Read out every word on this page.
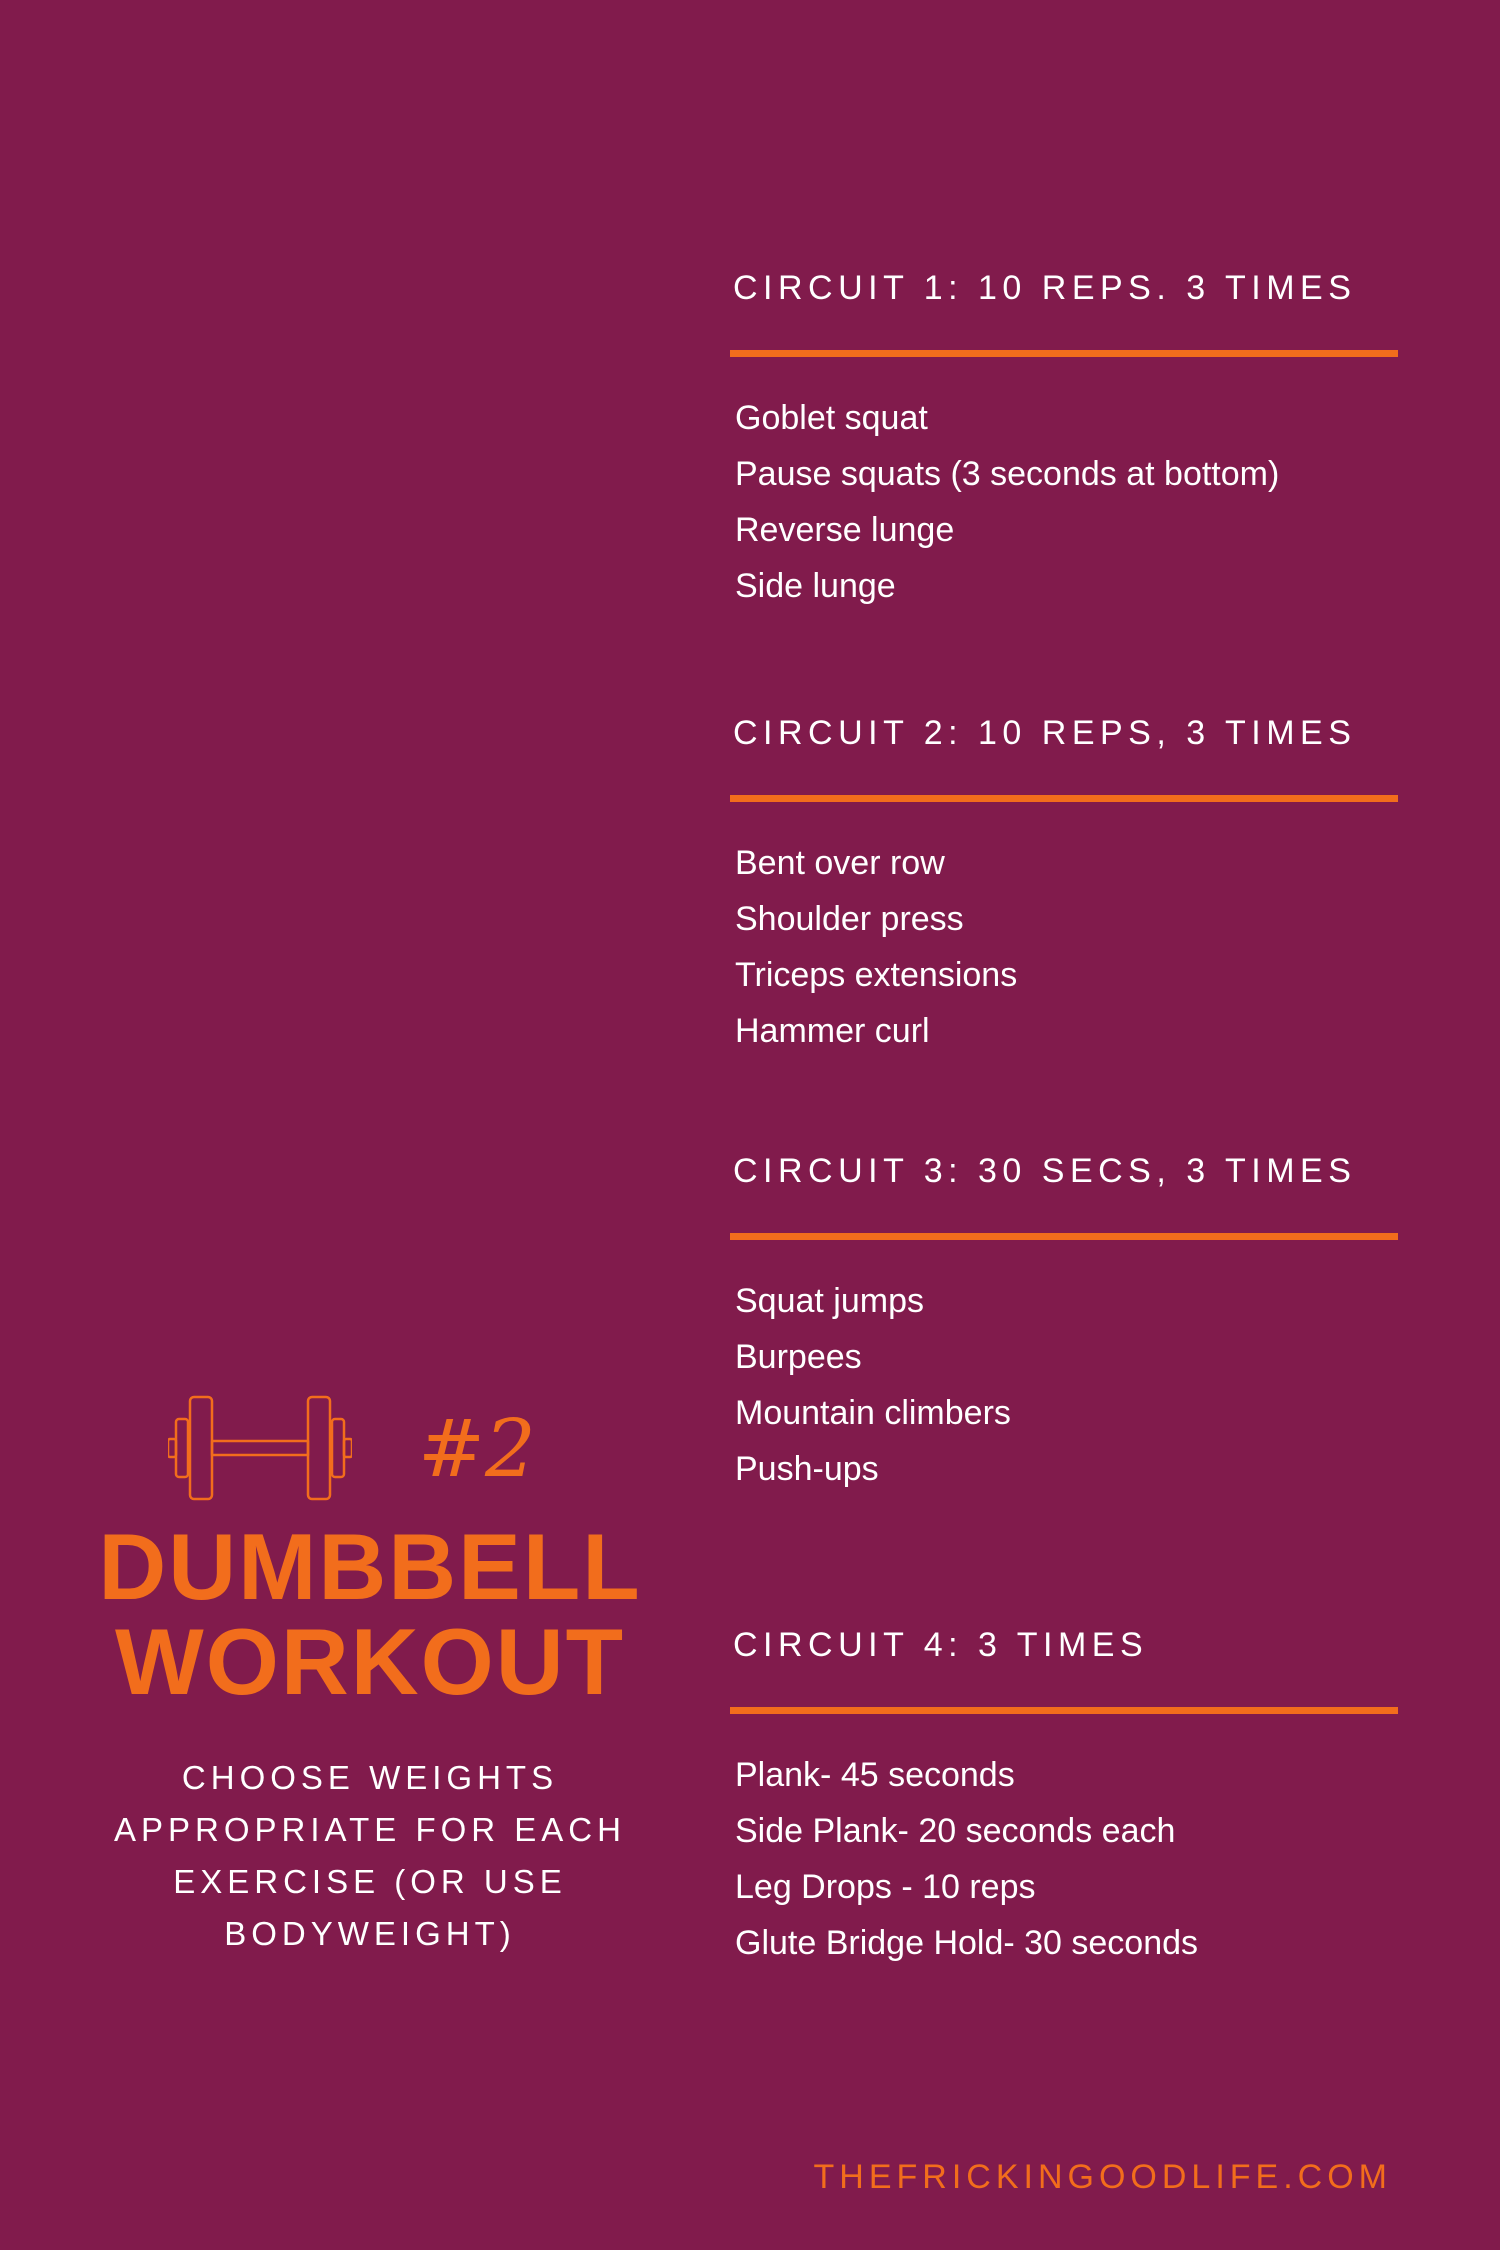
CIRCUIT 1: 10 REPS. 3 TIMES
Goblet squat
Pause squats (3 seconds at bottom)
Reverse lunge
Side lunge
CIRCUIT 2: 10 REPS, 3 TIMES
Bent over row
Shoulder press
Triceps extensions
Hammer curl
CIRCUIT 3: 30 SECS, 3 TIMES
Squat jumps
Burpees
Mountain climbers
Push-ups
CIRCUIT 4: 3 TIMES
Plank- 45 seconds
Side Plank- 20 seconds each
Leg Drops - 10 reps
Glute Bridge Hold- 30 seconds
#2
DUMBBELL
WORKOUT

CHOOSE WEIGHTS APPROPRIATE FOR EACH EXERCISE (OR USE BODYWEIGHT)

THEFRICKINGOODLIFE.COM
